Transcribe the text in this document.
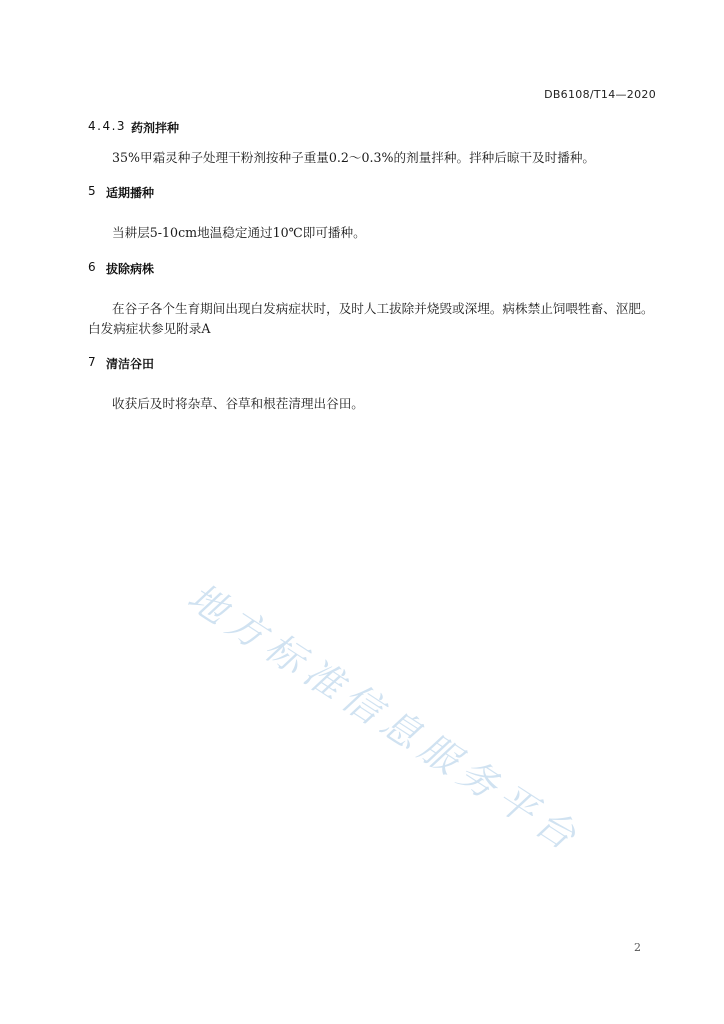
DB6108/T14—2020
4.4.3 药剂拌种
35%甲霜灵种子处理干粉剂按种子重量0.2～0.3%的剂量拌种。拌种后晾干及时播种。
5 适期播种
当耕层5-10cm地温稳定通过10℃即可播种。
6 拔除病株
在谷子各个生育期间出现白发病症状时，及时人工拔除并烧毁或深埋。病株禁止饲喂牲畜、沤肥。
白发病症状参见附录A
7 清洁谷田
收获后及时将杂草、谷草和根茬清理出谷田。
地方标准信息服务平台
2
